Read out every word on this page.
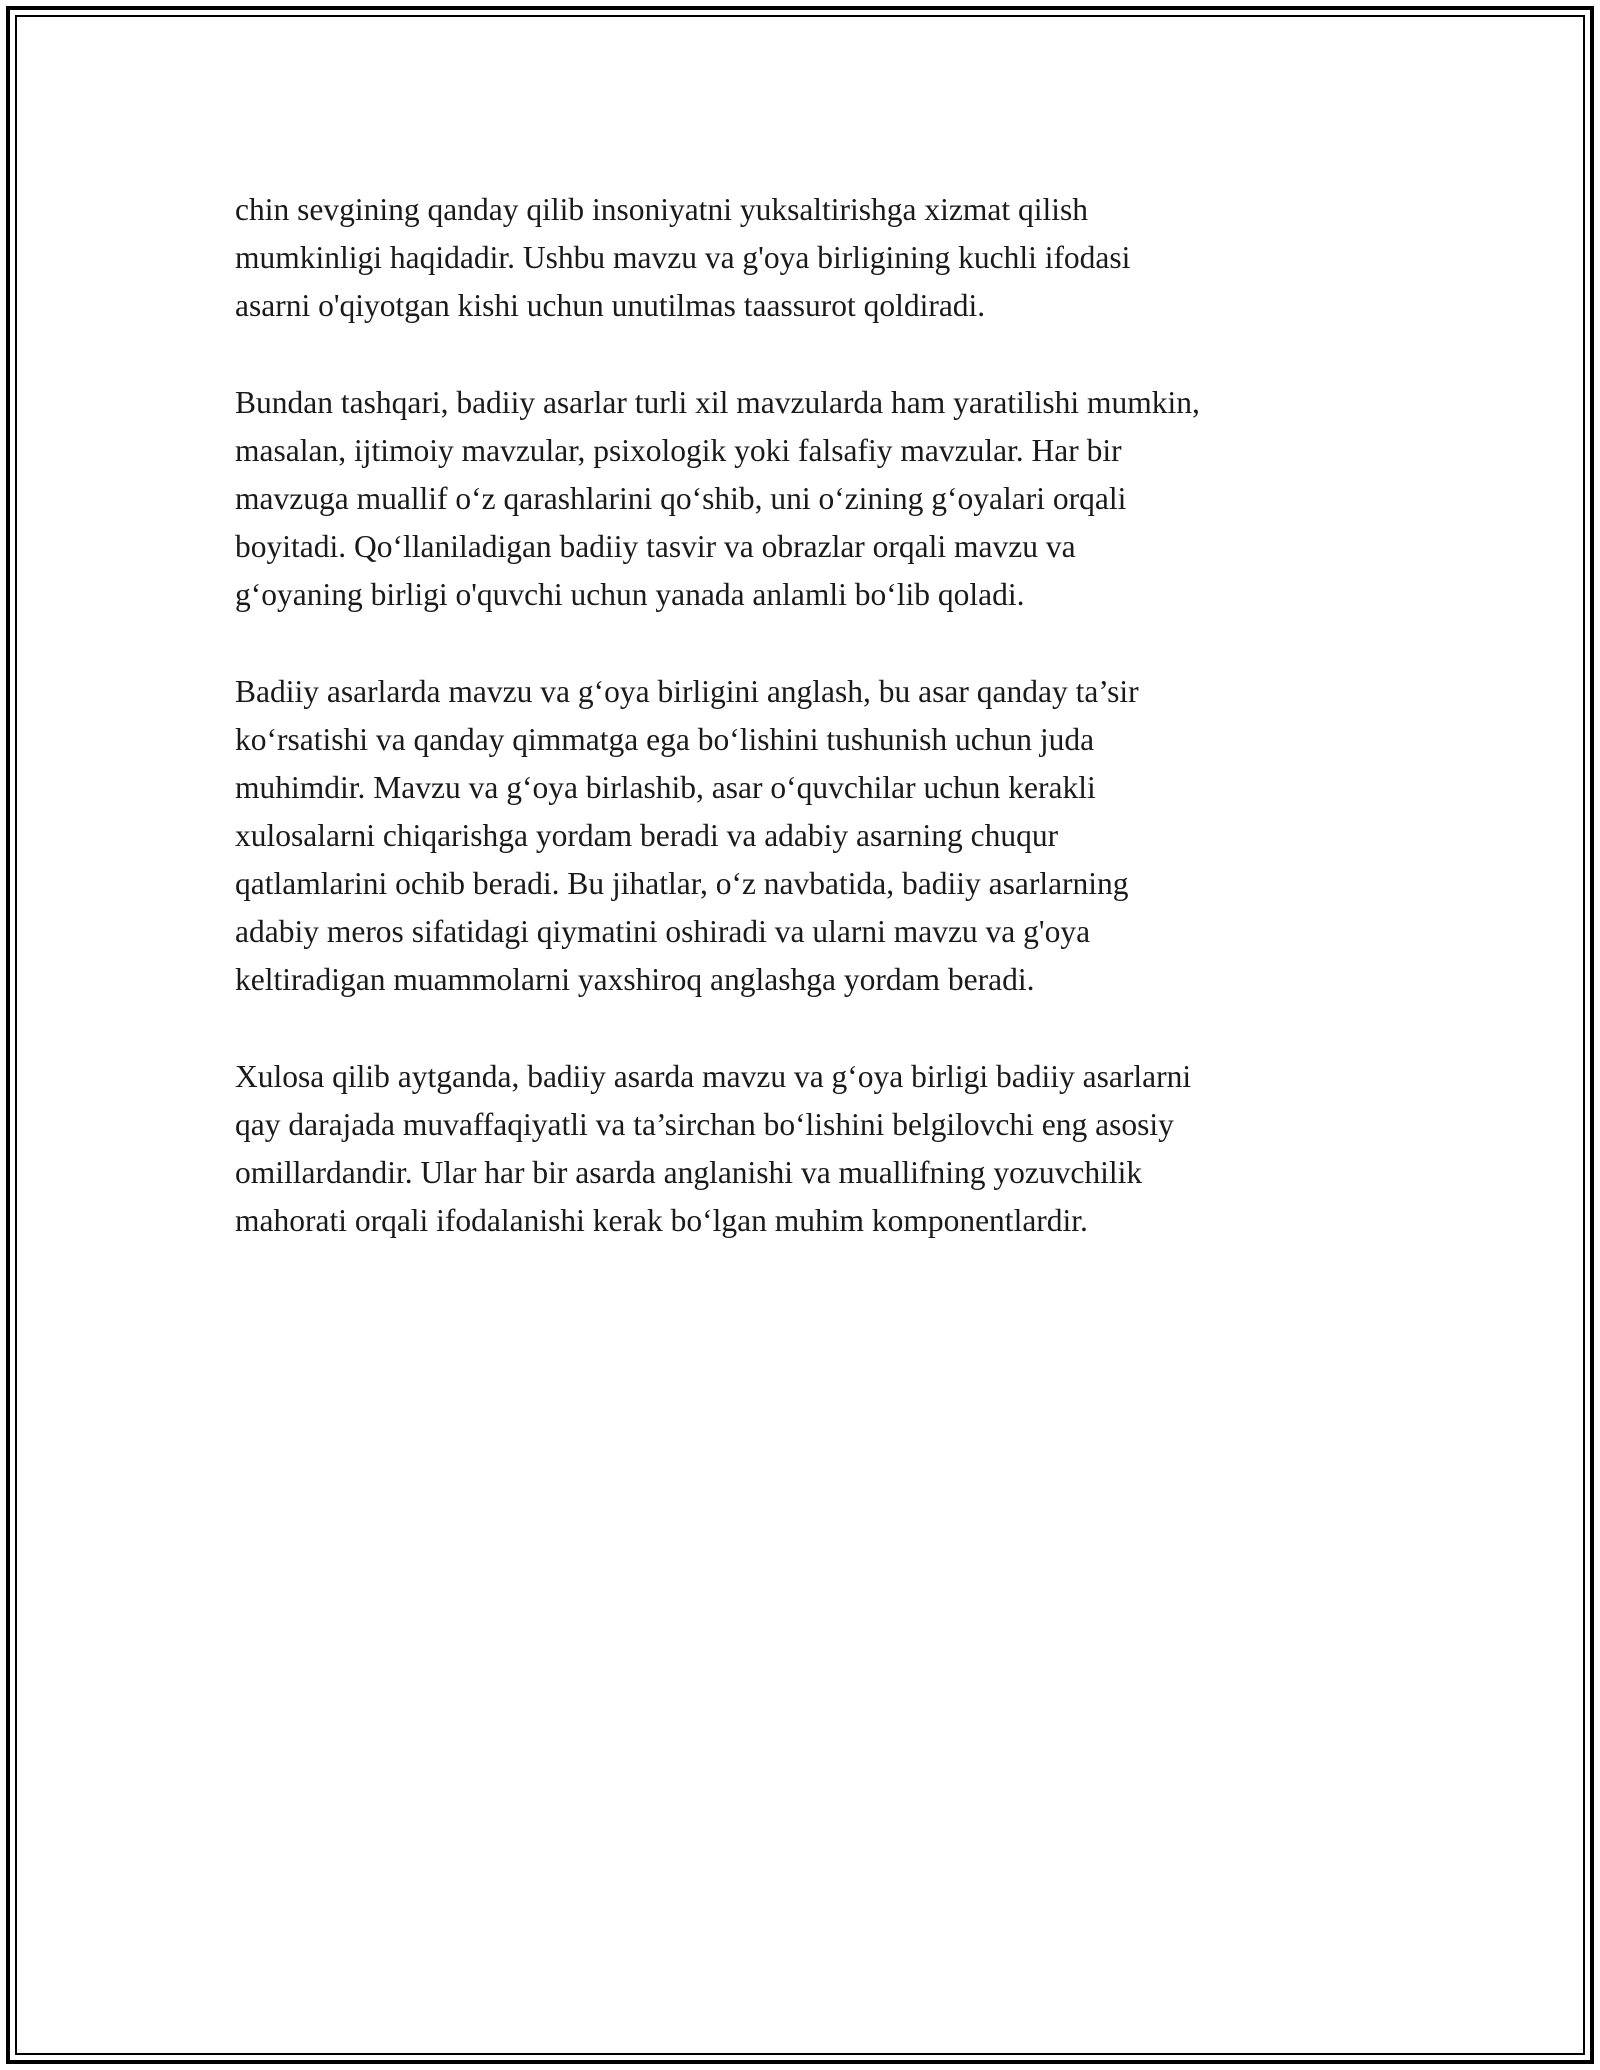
chin sevgining qanday qilib insoniyatni yuksaltirishga xizmat qilish
mumkinligi haqidadir. Ushbu mavzu va g'oya birligining kuchli ifodasi
asarni o'qiyotgan kishi uchun unutilmas taassurot qoldiradi.

Bundan tashqari, badiiy asarlar turli xil mavzularda ham yaratilishi mumkin,
masalan, ijtimoiy mavzular, psixologik yoki falsafiy mavzular. Har bir
mavzuga muallif o‘z qarashlarini qo‘shib, uni o‘zining g‘oyalari orqali
boyitadi. Qo‘llaniladigan badiiy tasvir va obrazlar orqali mavzu va
g‘oyaning birligi o'quvchi uchun yanada anlamli bo‘lib qoladi.

Badiiy asarlarda mavzu va g‘oya birligini anglash, bu asar qanday ta’sir
ko‘rsatishi va qanday qimmatga ega bo‘lishini tushunish uchun juda
muhimdir. Mavzu va g‘oya birlashib, asar o‘quvchilar uchun kerakli
xulosalarni chiqarishga yordam beradi va adabiy asarning chuqur
qatlamlarini ochib beradi. Bu jihatlar, o‘z navbatida, badiiy asarlarning
adabiy meros sifatidagi qiymatini oshiradi va ularni mavzu va g'oya
keltiradigan muammolarni yaxshiroq anglashga yordam beradi.

Xulosa qilib aytganda, badiiy asarda mavzu va g‘oya birligi badiiy asarlarni
qay darajada muvaffaqiyatli va ta’sirchan bo‘lishini belgilovchi eng asosiy
omillardandir. Ular har bir asarda anglanishi va muallifning yozuvchilik
mahorati orqali ifodalanishi kerak bo‘lgan muhim komponentlardir.
